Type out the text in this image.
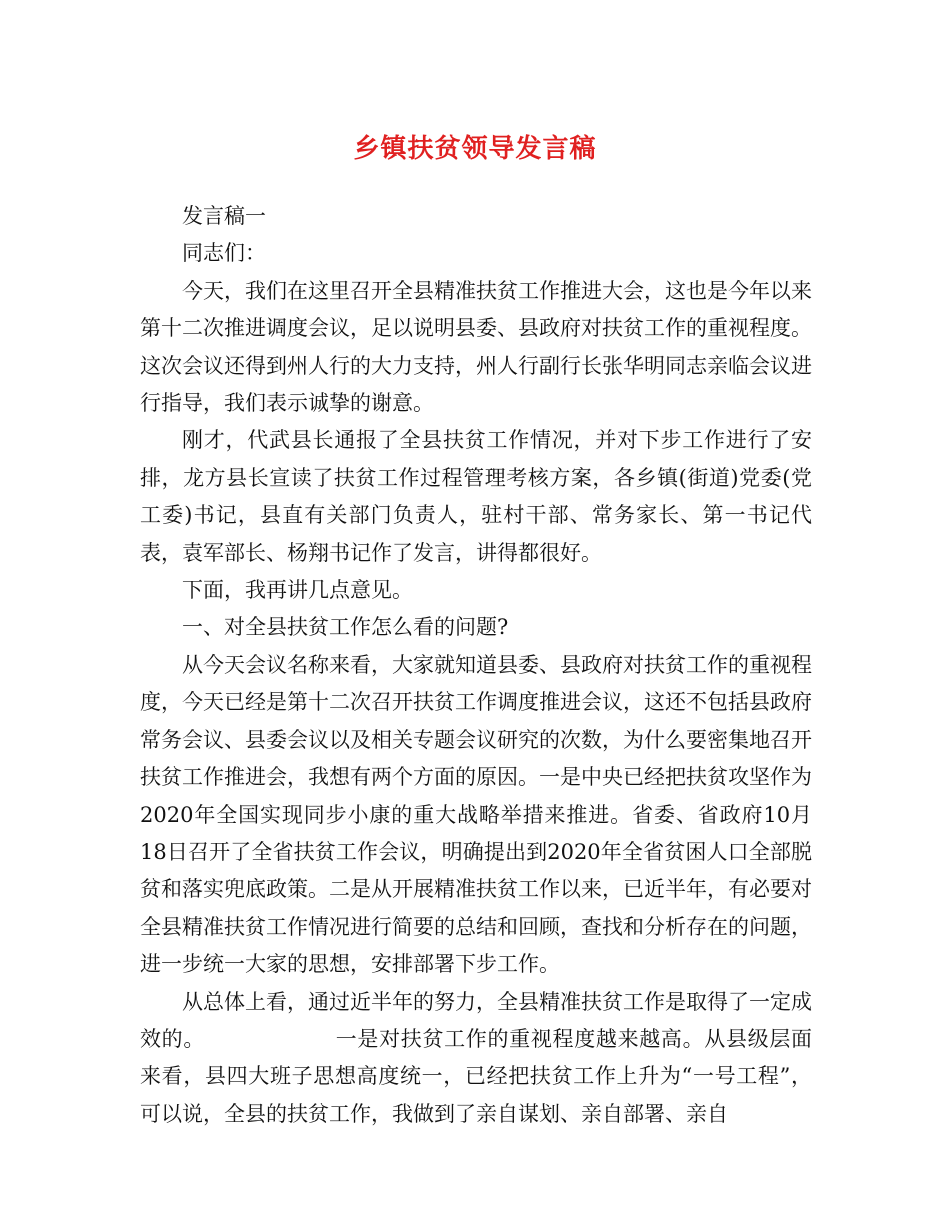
乡镇扶贫领导发言稿

发言稿一

同志们：

今天，我们在这里召开全县精准扶贫工作推进大会，这也是今年以来第十二次推进调度会议，足以说明县委、县政府对扶贫工作的重视程度。这次会议还得到州人行的大力支持，州人行副行长张华明同志亲临会议进行指导，我们表示诚挚的谢意。

刚才，代武县长通报了全县扶贫工作情况，并对下步工作进行了安排，龙方县长宣读了扶贫工作过程管理考核方案，各乡镇(街道)党委(党工委)书记，县直有关部门负责人，驻村干部、常务家长、第一书记代表，袁军部长、杨翔书记作了发言，讲得都很好。

下面，我再讲几点意见。

一、对全县扶贫工作怎么看的问题?

从今天会议名称来看，大家就知道县委、县政府对扶贫工作的重视程度，今天已经是第十二次召开扶贫工作调度推进会议，这还不包括县政府常务会议、县委会议以及相关专题会议研究的次数，为什么要密集地召开扶贫工作推进会，我想有两个方面的原因。一是中央已经把扶贫攻坚作为2020年全国实现同步小康的重大战略举措来推进。省委、省政府10月18日召开了全省扶贫工作会议，明确提出到2020年全省贫困人口全部脱贫和落实兜底政策。二是从开展精准扶贫工作以来，已近半年，有必要对全县精准扶贫工作情况进行简要的总结和回顾，查找和分析存在的问题，进一步统一大家的思想，安排部署下步工作。

从总体上看，通过近半年的努力，全县精准扶贫工作是取得了一定成效的。	一是对扶贫工作的重视程度越来越高。从县级层面来看，县四大班子思想高度统一，已经把扶贫工作上升为“一号工程”，可以说，全县的扶贫工作，我做到了亲自谋划、亲自部署、亲自
